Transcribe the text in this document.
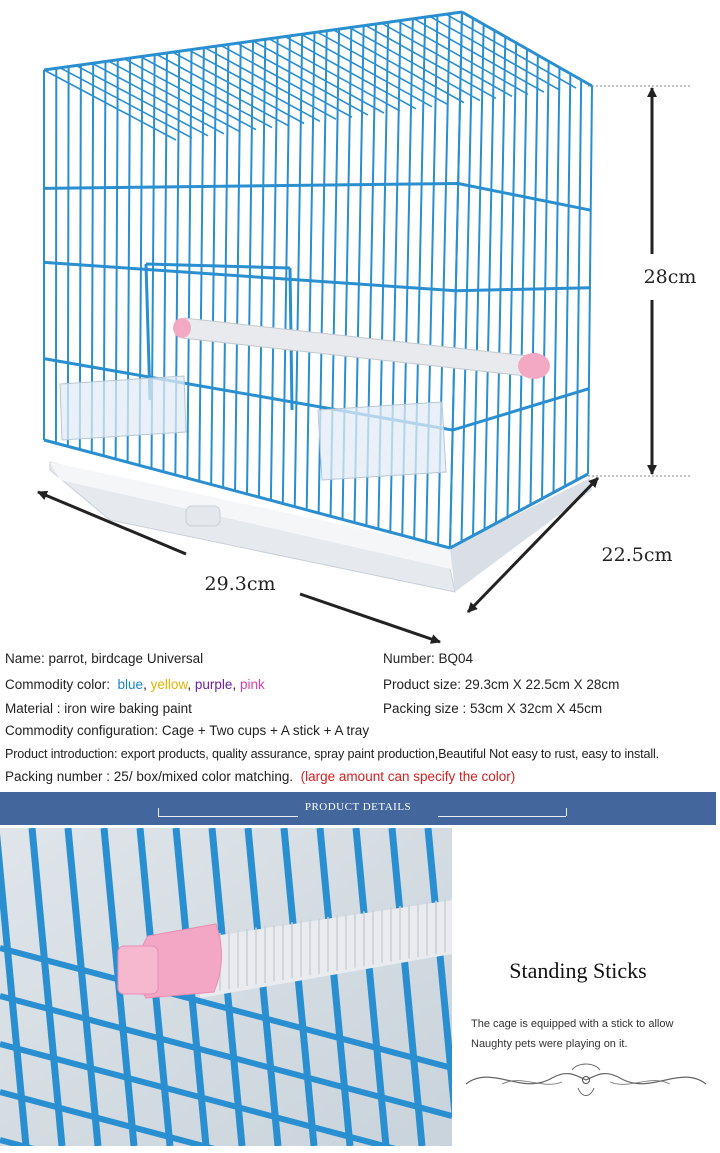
28cm
22.5cm
29.3cm
Name: parrot, birdcage Universal	Number: BQ04
Commodity color: blue, yellow, purple, pink	Product size: 29.3cm X 22.5cm X 28cm
Material : iron wire baking paint	Packing size : 53cm X 32cm X 45cm
Commodity configuration: Cage + Two cups + A stick + A tray
Product introduction: export products, quality assurance, spray paint production,Beautiful Not easy to rust, easy to install.
Packing number : 25/ box/mixed color matching. (large amount can specify the color)
PRODUCT DETAILS
Standing Sticks
The cage is equipped with a stick to allow
Naughty pets were playing on it.
